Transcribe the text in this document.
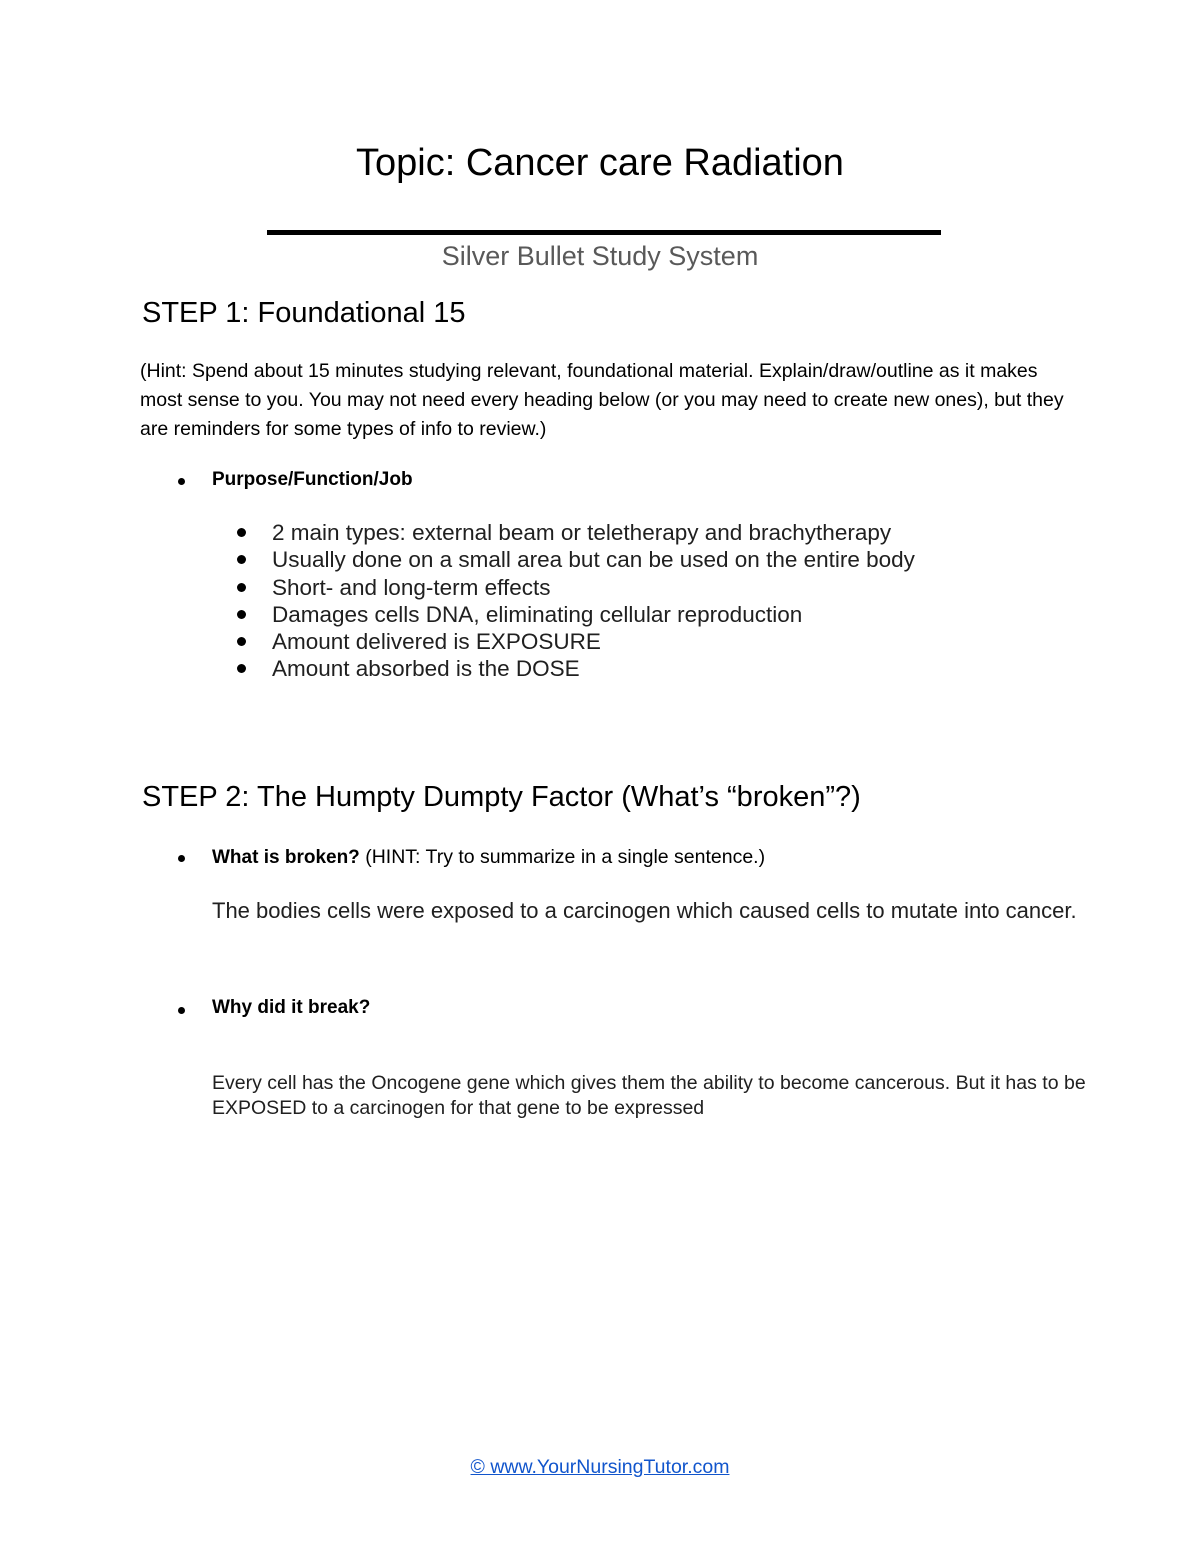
Topic: Cancer care Radiation
Silver Bullet Study System
STEP 1: Foundational 15
(Hint: Spend about 15 minutes studying relevant, foundational material. Explain/draw/outline as it makes most sense to you. You may not need every heading below (or you may need to create new ones), but they are reminders for some types of info to review.)
Purpose/Function/Job
2 main types: external beam or teletherapy and brachytherapy
Usually done on a small area but can be used on the entire body
Short- and long-term effects
Damages cells DNA, eliminating cellular reproduction
Amount delivered is EXPOSURE
Amount absorbed is the DOSE
STEP 2: The Humpty Dumpty Factor (What’s “broken”?)
What is broken? (HINT: Try to summarize in a single sentence.)
The bodies cells were exposed to a carcinogen which caused cells to mutate into cancer.
Why did it break?
Every cell has the Oncogene gene which gives them the ability to become cancerous. But it has to be EXPOSED to a carcinogen for that gene to be expressed
© www.YourNursingTutor.com
